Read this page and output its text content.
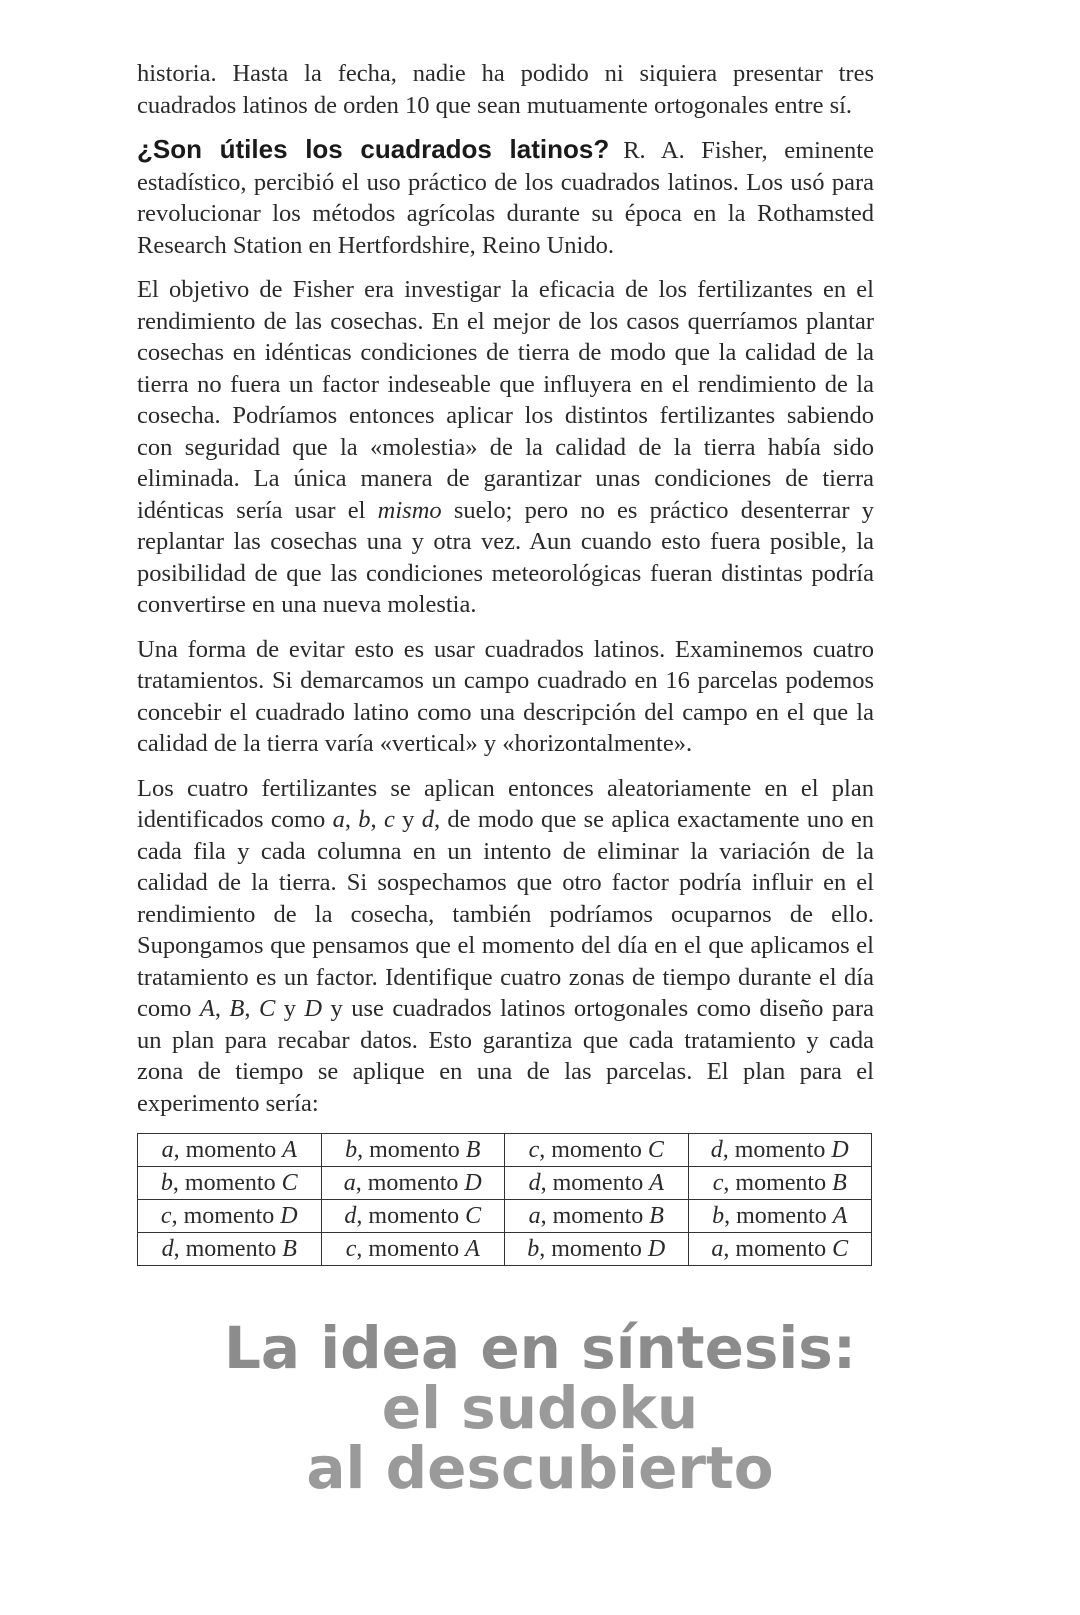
historia. Hasta la fecha, nadie ha podido ni siquiera presentar tres cuadrados latinos de orden 10 que sean mutuamente ortogonales entre sí.

¿Son útiles los cuadrados latinos? R. A. Fisher, eminente estadístico, percibió el uso práctico de los cuadrados latinos. Los usó para revolucionar los métodos agrícolas durante su época en la Rothamsted Research Station en Hertfordshire, Reino Unido.

El objetivo de Fisher era investigar la eficacia de los fertilizantes en el rendimiento de las cosechas. En el mejor de los casos querríamos plantar cosechas en idénticas condiciones de tierra de modo que la calidad de la tierra no fuera un factor indeseable que influyera en el rendimiento de la cosecha. Podríamos entonces aplicar los distintos fertilizantes sabiendo con seguridad que la «molestia» de la calidad de la tierra había sido eliminada. La única manera de garantizar unas condiciones de tierra idénticas sería usar el mismo suelo; pero no es práctico desenterrar y replantar las cosechas una y otra vez. Aun cuando esto fuera posible, la posibilidad de que las condiciones meteorológicas fueran distintas podría convertirse en una nueva molestia.

Una forma de evitar esto es usar cuadrados latinos. Examinemos cuatro tratamientos. Si demarcamos un campo cuadrado en 16 parcelas podemos concebir el cuadrado latino como una descripción del campo en el que la calidad de la tierra varía «vertical» y «horizontalmente».

Los cuatro fertilizantes se aplican entonces aleatoriamente en el plan identificados como a, b, c y d, de modo que se aplica exactamente uno en cada fila y cada columna en un intento de eliminar la variación de la calidad de la tierra. Si sospechamos que otro factor podría influir en el rendimiento de la cosecha, también podríamos ocuparnos de ello. Supongamos que pensamos que el momento del día en el que aplicamos el tratamiento es un factor. Identifique cuatro zonas de tiempo durante el día como A, B, C y D y use cuadrados latinos ortogonales como diseño para un plan para recabar datos. Esto garantiza que cada tratamiento y cada zona de tiempo se aplique en una de las parcelas. El plan para el experimento sería:

a, momento A	b, momento B	c, momento C	d, momento D
b, momento C	a, momento D	d, momento A	c, momento B
c, momento D	d, momento C	a, momento B	b, momento A
d, momento B	c, momento A	b, momento D	a, momento C
La idea en síntesis:
el sudoku
al descubierto
